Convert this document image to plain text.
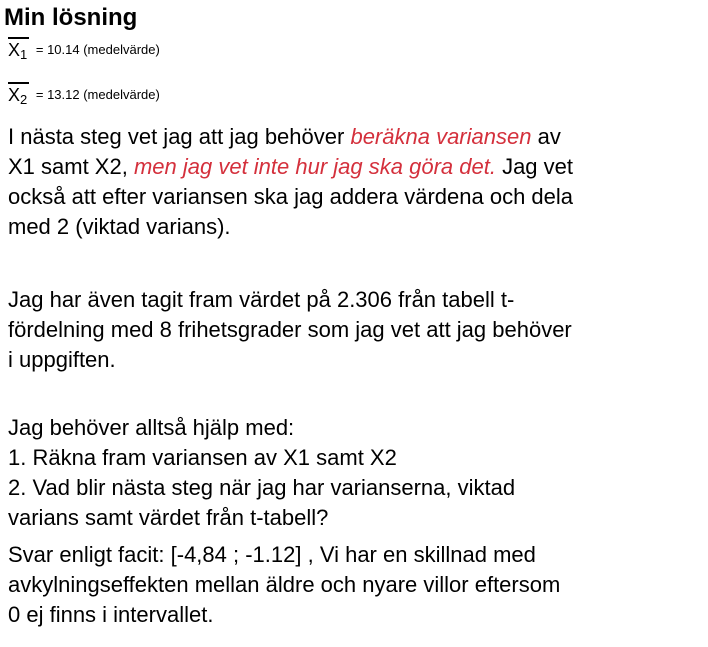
Min lösning
$X_1 = 10.14$ (medelvärde)
$X_2 = 13.12$ (medelvärde)

I nästa steg vet jag att jag behöver beräkna variansen av
X1 samt X2, men jag vet inte hur jag ska göra det. Jag vet
också att efter variansen ska jag addera värdena och dela
med 2 (viktad varians).

Jag har även tagit fram värdet på 2.306 från tabell t-
fördelning med 8 frihetsgrader som jag vet att jag behöver
i uppgiften.

Jag behöver alltså hjälp med:
1. Räkna fram variansen av X1 samt X2
2. Vad blir nästa steg när jag har varianserna, viktad
varians samt värdet från t-tabell?

Svar enligt facit: [-4,84 ; -1.12] , Vi har en skillnad med
avkylningseffekten mellan äldre och nyare villor eftersom
0 ej finns i intervallet.
